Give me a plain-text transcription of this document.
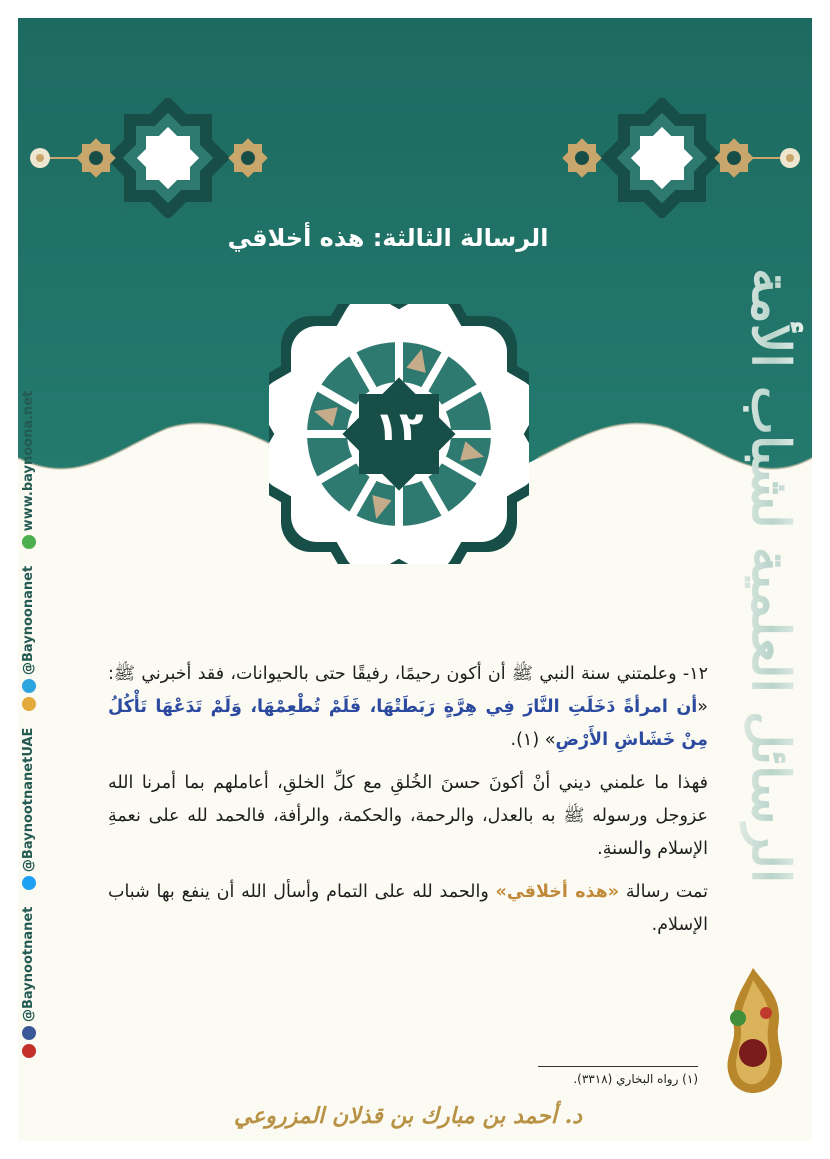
الرسالة الثالثة: هذه أخلاقي
١٢	الرسائل العلمية لشباب الأمة
@Baynootnanet @BaynootnanetUAE @Baynoonanet www.baynoona.net

١٢- وعلمتني سنة النبي ﷺ أن أكون رحيمًا، رفيقًا حتى بالحيوانات، فقد أخبرني ﷺ: «أن امرأةً دَخَلَتِ النَّارَ فِي هِرَّةٍ رَبَطَتْهَا، فَلَمْ تُطْعِمْهَا، وَلَمْ تَدَعْهَا تَأْكُلُ مِنْ خَشَاشِ الأَرْضِ» (١).

فهذا ما علمني ديني أنْ أكونَ حسنَ الخُلقِ مع كلِّ الخلقِ، أعاملهم بما أمرنا الله عزوجل ورسوله ﷺ به بالعدل، والرحمة، والحكمة، والرأفة، فالحمد لله على نعمةِ الإسلام والسنةِ.

تمت رسالة «هذه أخلاقي» والحمد لله على التمام وأسأل الله أن ينفع بها شباب الإسلام.

(١) رواه البخاري (٣٣١٨).
د. أحمد بن مبارك بن قذلان المزروعي
